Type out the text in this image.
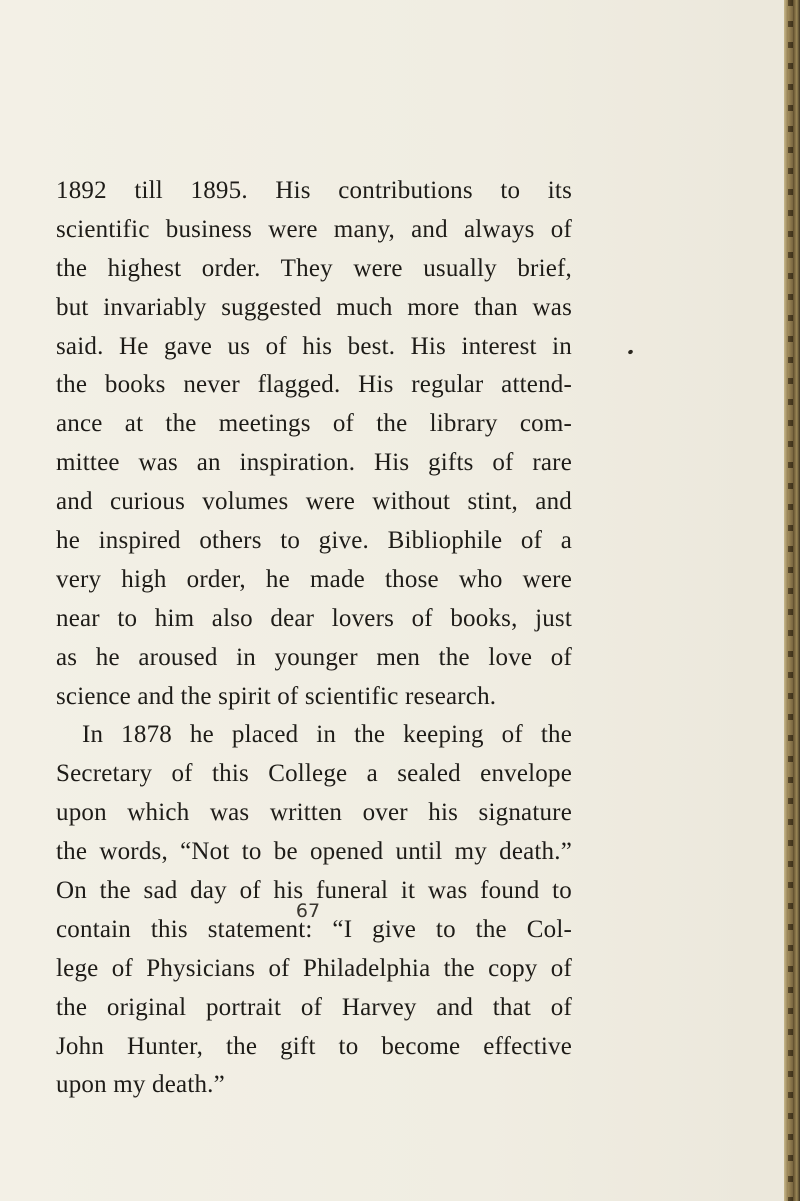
1892 till 1895. His contributions to its
scientific business were many, and always of
the highest order. They were usually brief,
but invariably suggested much more than was
said. He gave us of his best. His interest in
the books never flagged. His regular attend-
ance at the meetings of the library com-
mittee was an inspiration. His gifts of rare
and curious volumes were without stint, and
he inspired others to give. Bibliophile of a
very high order, he made those who were
near to him also dear lovers of books, just
as he aroused in younger men the love of
science and the spirit of scientific research.
In 1878 he placed in the keeping of the
Secretary of this College a sealed envelope
upon which was written over his signature
the words, “Not to be opened until my death.”
On the sad day of his funeral it was found to
contain this statement: “I give to the Col-
lege of Physicians of Philadelphia the copy of
the original portrait of Harvey and that of
John Hunter, the gift to become effective
upon my death.”
67
